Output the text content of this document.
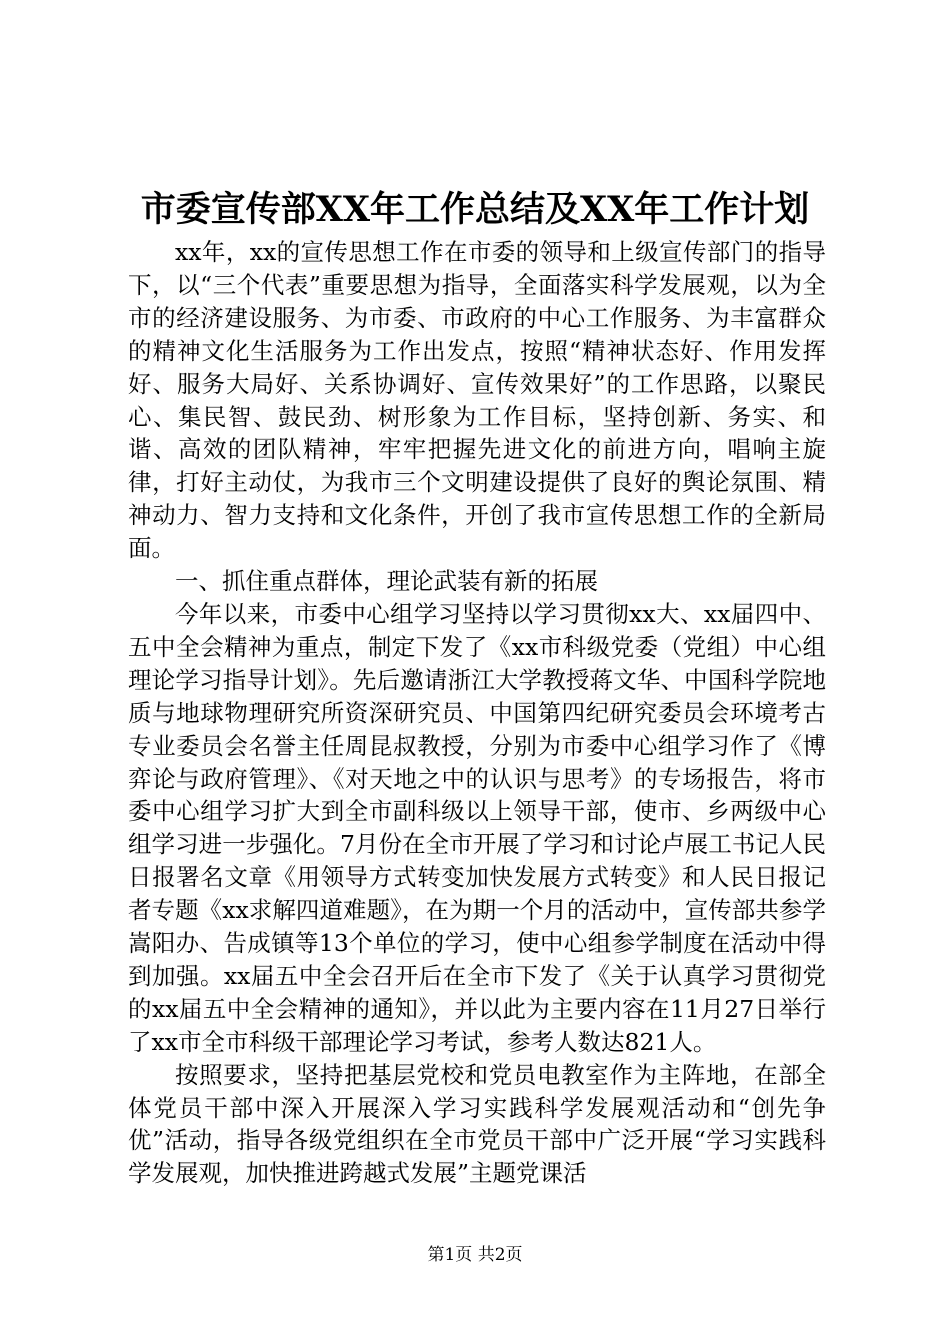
市委宣传部XX年工作总结及XX年工作计划

xx年，xx的宣传思想工作在市委的领导和上级宣传部门的指导下，以“三个代表”重要思想为指导，全面落实科学发展观，以为全市的经济建设服务、为市委、市政府的中心工作服务、为丰富群众的精神文化生活服务为工作出发点，按照“精神状态好、作用发挥好、服务大局好、关系协调好、宣传效果好”的工作思路，以聚民心、集民智、鼓民劲、树形象为工作目标，坚持创新、务实、和谐、高效的团队精神，牢牢把握先进文化的前进方向，唱响主旋律，打好主动仗，为我市三个文明建设提供了良好的舆论氛围、精神动力、智力支持和文化条件，开创了我市宣传思想工作的全新局面。

一、抓住重点群体，理论武装有新的拓展

今年以来，市委中心组学习坚持以学习贯彻xx大、xx届四中、五中全会精神为重点，制定下发了《xx市科级党委（党组）中心组理论学习指导计划》。先后邀请浙江大学教授蒋文华、中国科学院地质与地球物理研究所资深研究员、中国第四纪研究委员会环境考古专业委员会名誉主任周昆叔教授，分别为市委中心组学习作了《博弈论与政府管理》、《对天地之中的认识与思考》的专场报告，将市委中心组学习扩大到全市副科级以上领导干部，使市、乡两级中心组学习进一步强化。7月份在全市开展了学习和讨论卢展工书记人民日报署名文章《用领导方式转变加快发展方式转变》和人民日报记者专题《xx求解四道难题》，在为期一个月的活动中，宣传部共参学嵩阳办、告成镇等13个单位的学习，使中心组参学制度在活动中得到加强。xx届五中全会召开后在全市下发了《关于认真学习贯彻党的xx届五中全会精神的通知》，并以此为主要内容在11月27日举行了xx市全市科级干部理论学习考试，参考人数达821人。

按照要求，坚持把基层党校和党员电教室作为主阵地，在部全体党员干部中深入开展深入学习实践科学发展观活动和“创先争优”活动，指导各级党组织在全市党员干部中广泛开展“学习实践科学发展观，加快推进跨越式发展”主题党课活

第1页 共2页
